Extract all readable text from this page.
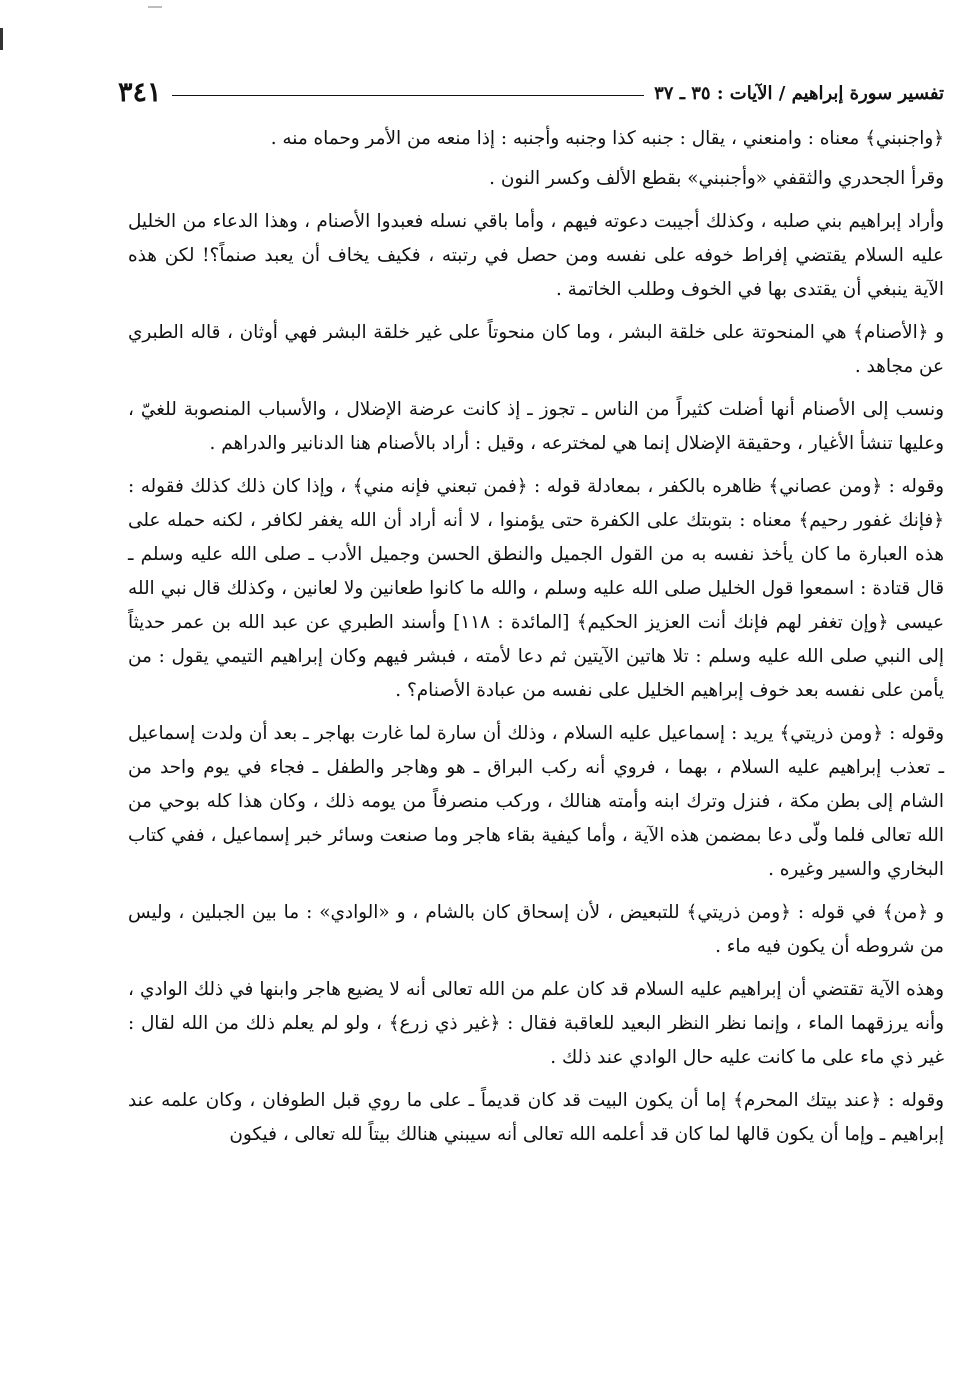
تفسير سورة إبراهيم / الآيات : ٣٥ ـ ٣٧
٣٤١

﴿واجنبني﴾ معناه : وامنعني ، يقال : جنبه كذا وجنبه وأجنبه : إذا منعه من الأمر وحماه منه .

وقرأ الجحدري والثقفي «وأجنبني» بقطع الألف وكسر النون .

وأراد إبراهيم بني صلبه ، وكذلك أجيبت دعوته فيهم ، وأما باقي نسله فعبدوا الأصنام ، وهذا الدعاء من الخليل عليه السلام يقتضي إفراط خوفه على نفسه ومن حصل في رتبته ، فكيف يخاف أن يعبد صنماً؟! لكن هذه الآية ينبغي أن يقتدى بها في الخوف وطلب الخاتمة .

و ﴿الأصنام﴾ هي المنحوتة على خلقة البشر ، وما كان منحوتاً على غير خلقة البشر فهي أوثان ، قاله الطبري عن مجاهد .

ونسب إلى الأصنام أنها أضلت كثيراً من الناس ـ تجوز ـ إذ كانت عرضة الإضلال ، والأسباب المنصوبة للغيّ ، وعليها تنشأ الأغيار ، وحقيقة الإضلال إنما هي لمخترعه ، وقيل : أراد بالأصنام هنا الدنانير والدراهم .

وقوله : ﴿ومن عصاني﴾ ظاهره بالكفر ، بمعادلة قوله : ﴿فمن تبعني فإنه مني﴾ ، وإذا كان ذلك كذلك فقوله : ﴿فإنك غفور رحيم﴾ معناه : بتوبتك على الكفرة حتى يؤمنوا ، لا أنه أراد أن الله يغفر لكافر ، لكنه حمله على هذه العبارة ما كان يأخذ نفسه به من القول الجميل والنطق الحسن وجميل الأدب ـ صلى الله عليه وسلم ـ قال قتادة : اسمعوا قول الخليل صلى الله عليه وسلم ، والله ما كانوا طعانين ولا لعانين ، وكذلك قال نبي الله عيسى ﴿وإن تغفر لهم فإنك أنت العزيز الحكيم﴾ [المائدة : ١١٨] وأسند الطبري عن عبد الله بن عمر حديثاً إلى النبي صلى الله عليه وسلم : تلا هاتين الآيتين ثم دعا لأمته ، فبشر فيهم وكان إبراهيم التيمي يقول : من يأمن على نفسه بعد خوف إبراهيم الخليل على نفسه من عبادة الأصنام؟ .

وقوله : ﴿ومن ذريتي﴾ يريد : إسماعيل عليه السلام ، وذلك أن سارة لما غارت بهاجر ـ بعد أن ولدت إسماعيل ـ تعذب إبراهيم عليه السلام ، بهما ، فروي أنه ركب البراق ـ هو وهاجر والطفل ـ فجاء في يوم واحد من الشام إلى بطن مكة ، فنزل وترك ابنه وأمته هنالك ، وركب منصرفاً من يومه ذلك ، وكان هذا كله بوحي من الله تعالى فلما ولّى دعا بمضمن هذه الآية ، وأما كيفية بقاء هاجر وما صنعت وسائر خبر إسماعيل ، ففي كتاب البخاري والسير وغيره .

و ﴿من﴾ في قوله : ﴿ومن ذريتي﴾ للتبعيض ، لأن إسحاق كان بالشام ، و «الوادي» : ما بين الجبلين ، وليس من شروطه أن يكون فيه ماء .

وهذه الآية تقتضي أن إبراهيم عليه السلام قد كان علم من الله تعالى أنه لا يضيع هاجر وابنها في ذلك الوادي ، وأنه يرزقهما الماء ، وإنما نظر النظر البعيد للعاقبة فقال : ﴿غير ذي زرع﴾ ، ولو لم يعلم ذلك من الله لقال : غير ذي ماء على ما كانت عليه حال الوادي عند ذلك .

وقوله : ﴿عند بيتك المحرم﴾ إما أن يكون البيت قد كان قديماً ـ على ما روي قبل الطوفان ، وكان علمه عند إبراهيم ـ وإما أن يكون قالها لما كان قد أعلمه الله تعالى أنه سيبني هنالك بيتاً لله تعالى ، فيكون
